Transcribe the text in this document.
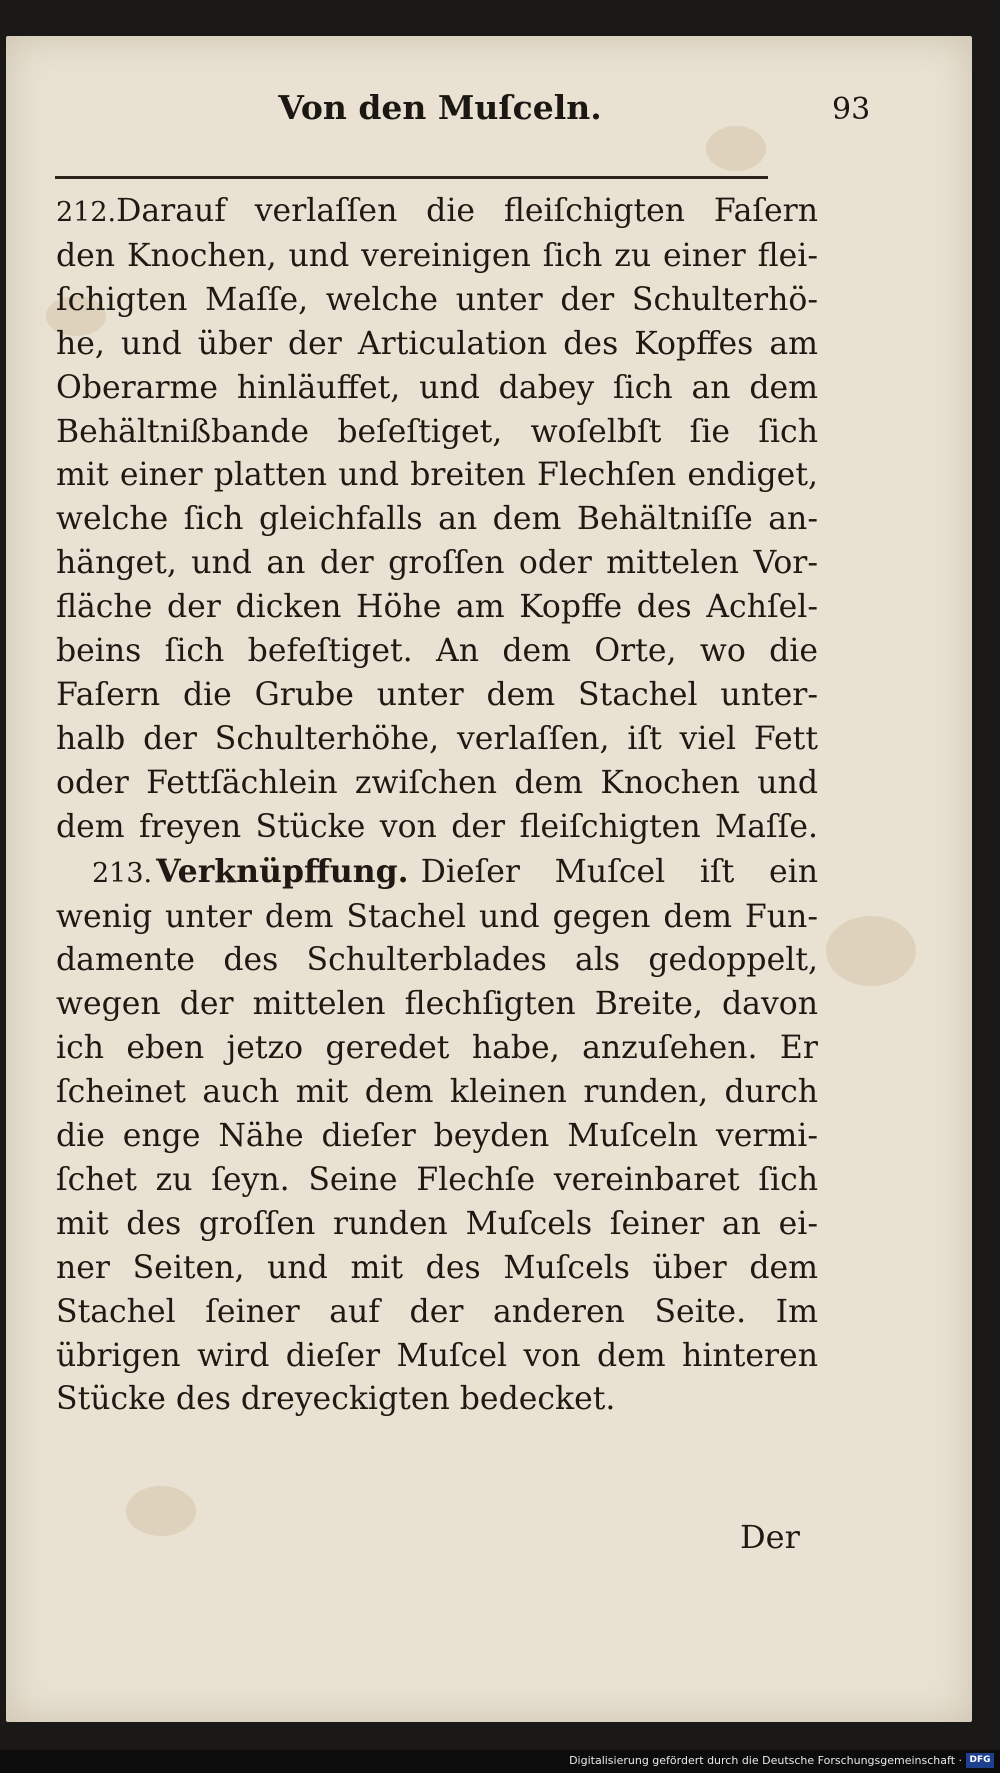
Von den Muſceln.	93
212.Darauf verlaſſen die fleiſchigten Faſern
den Knochen, und vereinigen ſich zu einer flei-
ſchigten Maſſe, welche unter der Schulterhö-
he, und über der Articulation des Kopffes am
Oberarme hinläuffet, und dabey ſich an dem
Behältnißbande beſeſtiget, woſelbſt ſie ſich
mit einer platten und breiten Flechſen endiget,
welche ſich gleichfalls an dem Behältniſſe an-
hänget, und an der groſſen oder mittelen Vor-
fläche der dicken Höhe am Kopffe des Achſel-
beins ſich befeſtiget. An dem Orte, wo die
Faſern die Grube unter dem Stachel unter-
halb der Schulterhöhe, verlaſſen, iſt viel Fett
oder Fettſächlein zwiſchen dem Knochen und
dem freyen Stücke von der fleiſchigten Maſſe.
213. Verknüpffung. Dieſer Muſcel iſt ein
wenig unter dem Stachel und gegen dem Fun-
damente des Schulterblades als gedoppelt,
wegen der mittelen flechſigten Breite, davon
ich eben jetzo geredet habe, anzuſehen. Er
ſcheinet auch mit dem kleinen runden, durch
die enge Nähe dieſer beyden Muſceln vermi-
ſchet zu ſeyn. Seine Flechſe vereinbaret ſich
mit des groſſen runden Muſcels ſeiner an ei-
ner Seiten, und mit des Muſcels über dem
Stachel ſeiner auf der anderen Seite. Im
übrigen wird dieſer Muſcel von dem hinteren
Stücke des dreyeckigten bedecket.
Der
Digitalisierung gefördert durch die Deutsche Forschungsgemeinschaft · DFG
